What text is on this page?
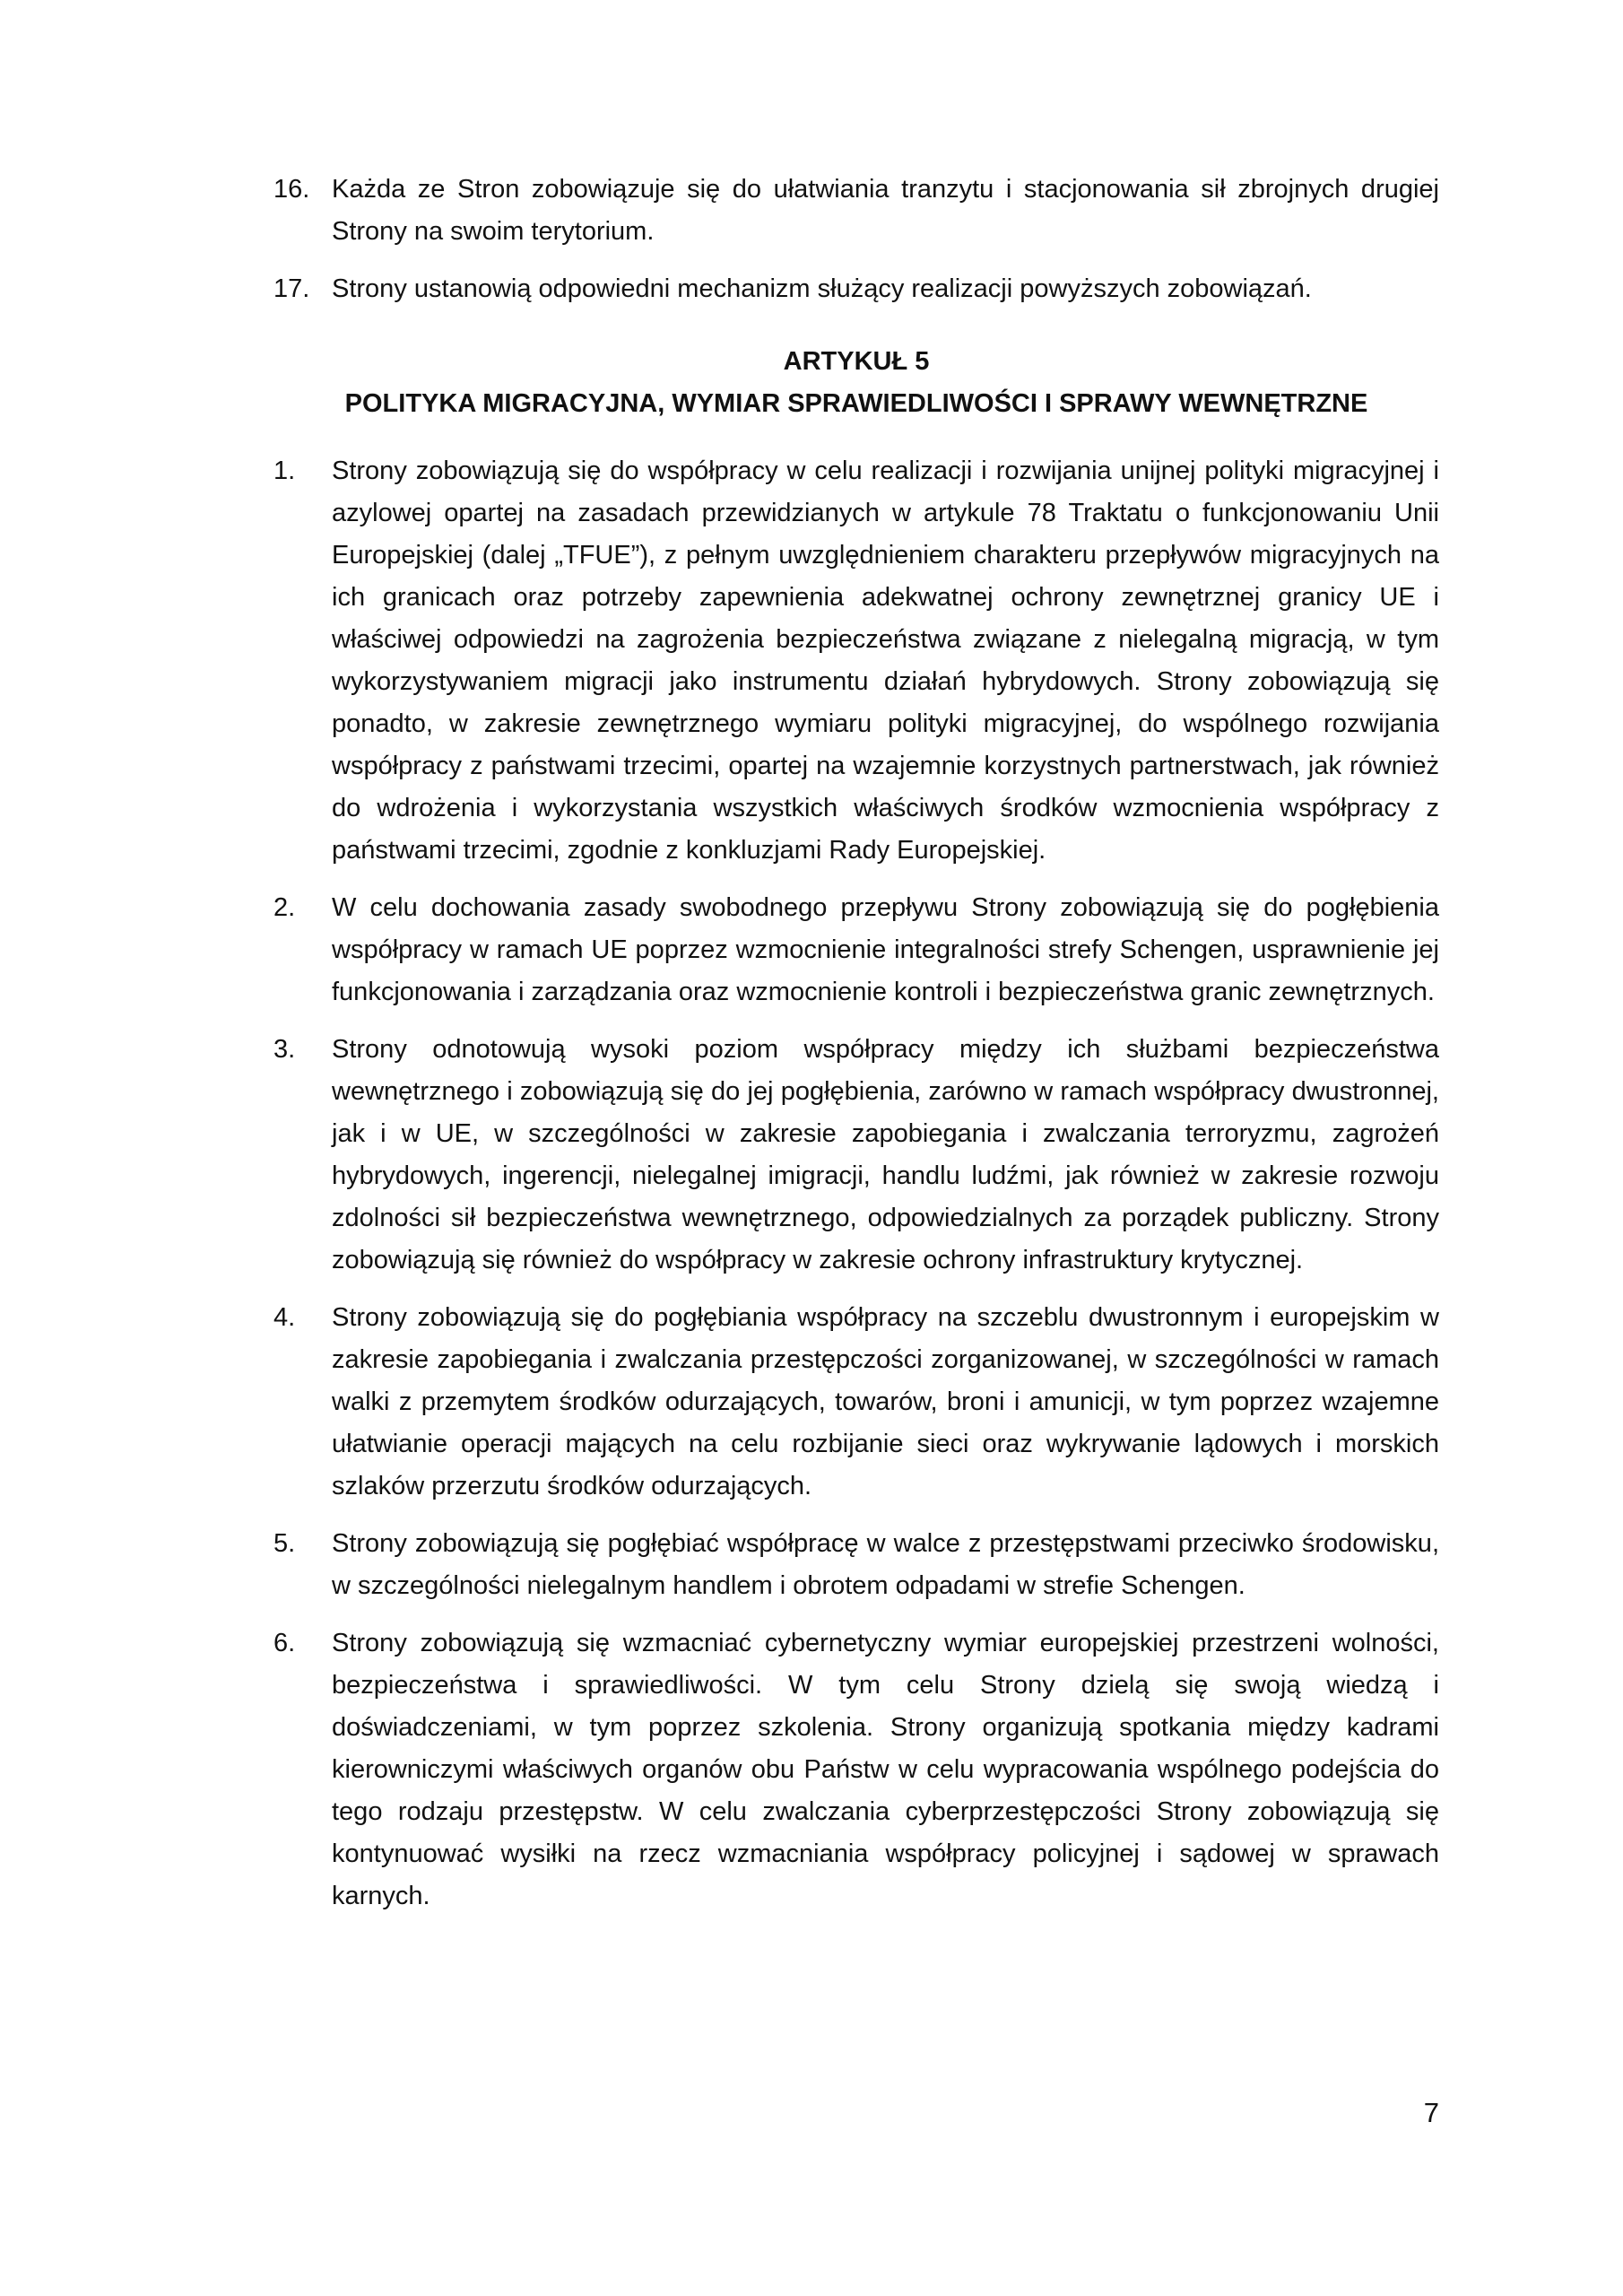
16. Każda ze Stron zobowiązuje się do ułatwiania tranzytu i stacjonowania sił zbrojnych drugiej Strony na swoim terytorium.
17. Strony ustanowią odpowiedni mechanizm służący realizacji powyższych zobowiązań.
ARTYKUŁ 5
POLITYKA MIGRACYJNA, WYMIAR SPRAWIEDLIWOŚCI I SPRAWY WEWNĘTRZNE
1.	Strony zobowiązują się do współpracy w celu realizacji i rozwijania unijnej polityki migracyjnej i azylowej opartej na zasadach przewidzianych w artykule 78 Traktatu o funkcjonowaniu Unii Europejskiej (dalej „TFUE”), z pełnym uwzględnieniem charakteru przepływów migracyjnych na ich granicach oraz potrzeby zapewnienia adekwatnej ochrony zewnętrznej granicy UE i właściwej odpowiedzi na zagrożenia bezpieczeństwa związane z nielegalną migracją, w tym wykorzystywaniem migracji jako instrumentu działań hybrydowych. Strony zobowiązują się ponadto, w zakresie zewnętrznego wymiaru polityki migracyjnej, do wspólnego rozwijania współpracy z państwami trzecimi, opartej na wzajemnie korzystnych partnerstwach, jak również do wdrożenia i wykorzystania wszystkich właściwych środków wzmocnienia współpracy z państwami trzecimi, zgodnie z konkluzjami Rady Europejskiej.
2.	W celu dochowania zasady swobodnego przepływu Strony zobowiązują się do pogłębienia współpracy w ramach UE poprzez wzmocnienie integralności strefy Schengen, usprawnienie jej funkcjonowania i zarządzania oraz wzmocnienie kontroli i bezpieczeństwa granic zewnętrznych.
3.	Strony odnotowują wysoki poziom współpracy między ich służbami bezpieczeństwa wewnętrznego i zobowiązują się do jej pogłębienia, zarówno w ramach współpracy dwustronnej, jak i w UE, w szczególności w zakresie zapobiegania i zwalczania terroryzmu, zagrożeń hybrydowych, ingerencji, nielegalnej imigracji, handlu ludźmi, jak również w zakresie rozwoju zdolności sił bezpieczeństwa wewnętrznego, odpowiedzialnych za porządek publiczny. Strony zobowiązują się również do współpracy w zakresie ochrony infrastruktury krytycznej.
4.	Strony zobowiązują się do pogłębiania współpracy na szczeblu dwustronnym i europejskim w zakresie zapobiegania i zwalczania przestępczości zorganizowanej, w szczególności w ramach walki z przemytem środków odurzających, towarów, broni i amunicji, w tym poprzez wzajemne ułatwianie operacji mających na celu rozbijanie sieci oraz wykrywanie lądowych i morskich szlaków przerzutu środków odurzających.
5.	Strony zobowiązują się pogłębiać współpracę w walce z przestępstwami przeciwko środowisku, w szczególności nielegalnym handlem i obrotem odpadami w strefie Schengen.
6.	Strony zobowiązują się wzmacniać cybernetyczny wymiar europejskiej przestrzeni wolności, bezpieczeństwa i sprawiedliwości. W tym celu Strony dzielą się swoją wiedzą i doświadczeniami, w tym poprzez szkolenia. Strony organizują spotkania między kadrami kierowniczymi właściwych organów obu Państw w celu wypracowania wspólnego podejścia do tego rodzaju przestępstw. W celu zwalczania cyberprzestępczości Strony zobowiązują się kontynuować wysiłki na rzecz wzmacniania współpracy policyjnej i sądowej w sprawach karnych.
7
